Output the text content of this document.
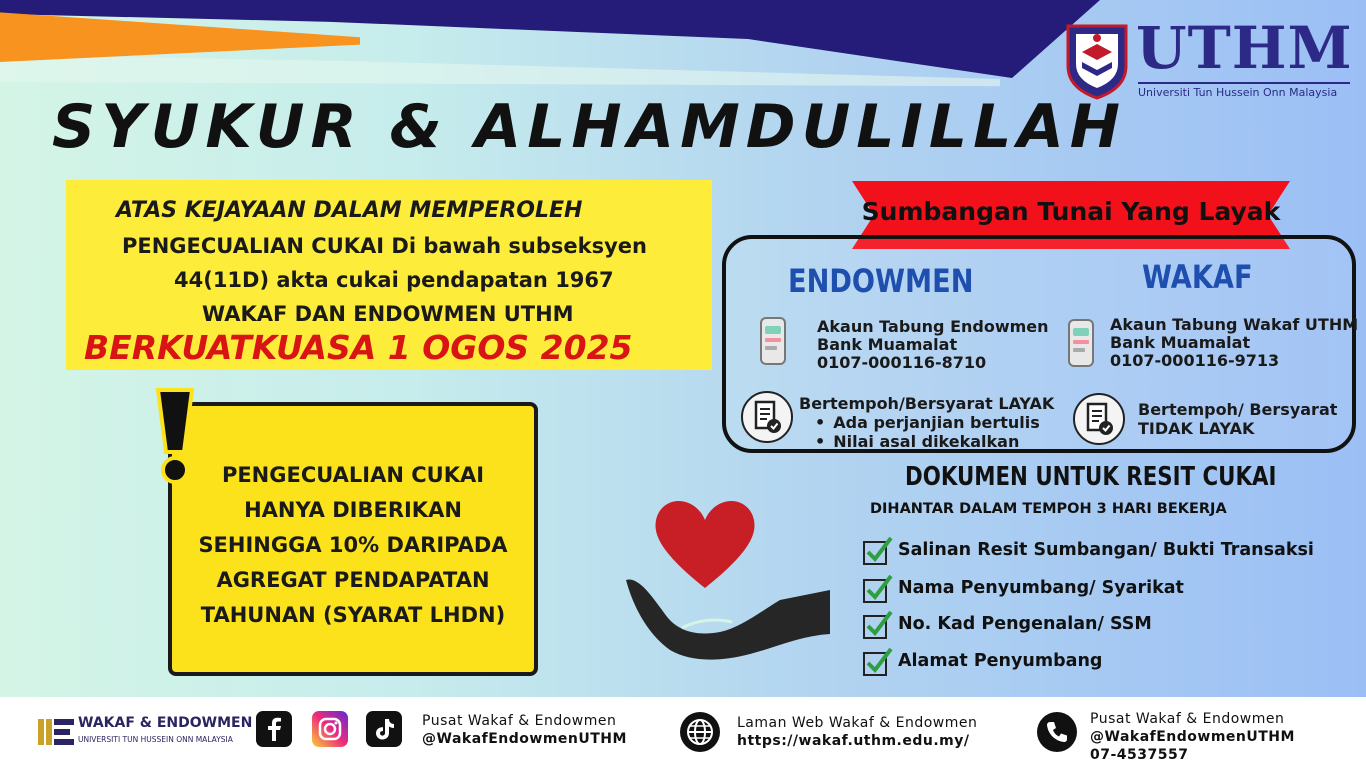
UTHM
Universiti Tun Hussein Onn Malaysia
SYUKUR & ALHAMDULILLAH
ATAS KEJAYAAN DALAM MEMPEROLEH
PENGECUALIAN CUKAI Di bawah subseksyen
44(11D) akta cukai pendapatan 1967
WAKAF DAN ENDOWMEN UTHM
BERKUATKUASA 1 OGOS 2025
PENGECUALIAN CUKAI
HANYA DIBERIKAN
SEHINGGA 10% DARIPADA
AGREGAT PENDAPATAN
TAHUNAN (SYARAT LHDN)
Sumbangan Tunai Yang Layak
ENDOWMEN	WAKAF
Akaun Tabung Endowmen
Bank Muamalat
0107-000116-8710
Akaun Tabung Wakaf UTHM
Bank Muamalat
0107-000116-9713
Bertempoh/Bersyarat LAYAK
• Ada perjanjian bertulis
• Nilai asal dikekalkan
Bertempoh/ Bersyarat
TIDAK LAYAK
DOKUMEN UNTUK RESIT CUKAI
DIHANTAR DALAM TEMPOH 3 HARI BEKERJA
Salinan Resit Sumbangan/ Bukti Transaksi
Nama Penyumbang/ Syarikat
No. Kad Pengenalan/ SSM
Alamat Penyumbang
WAKAF & ENDOWMEN
UNIVERSITI TUN HUSSEIN ONN MALAYSIA
Pusat Wakaf & Endowmen
@WakafEndowmenUTHM
Laman Web Wakaf & Endowmen
https://wakaf.uthm.edu.my/
Pusat Wakaf & Endowmen
@WakafEndowmenUTHM
07-4537557
